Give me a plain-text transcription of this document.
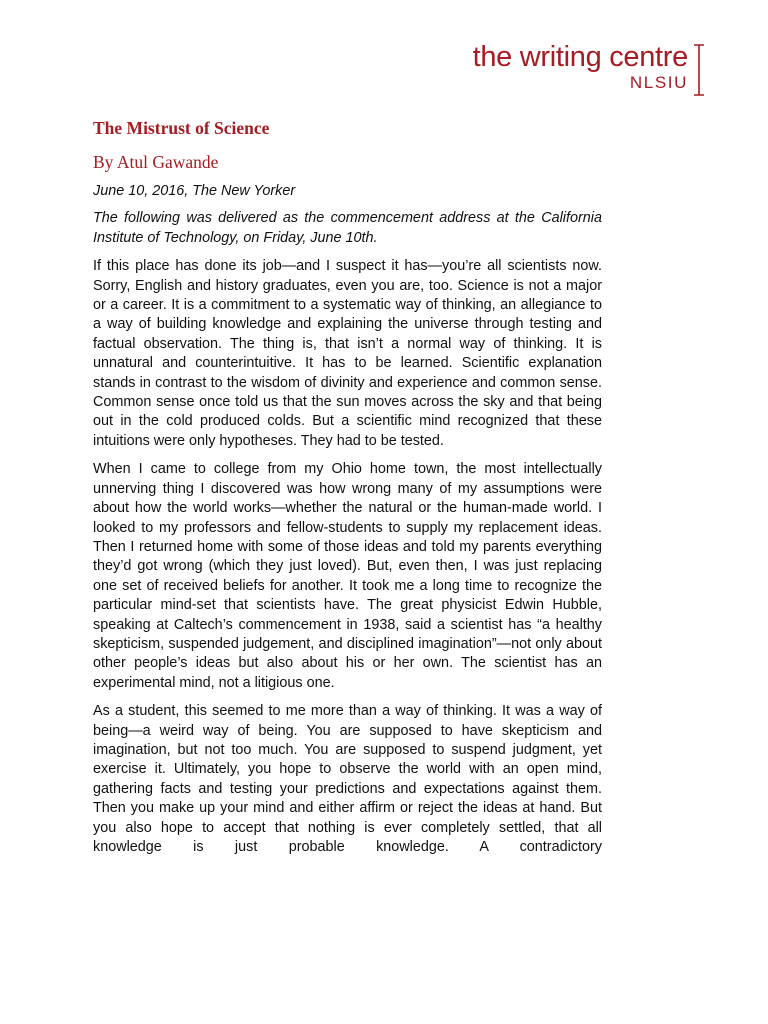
the writing centre
NLSIU
The Mistrust of Science

By Atul Gawande

June 10, 2016, The New Yorker

The following was delivered as the commencement address at the California Institute of Technology, on Friday, June 10th.

If this place has done its job—and I suspect it has—you’re all scientists now. Sorry, English and history graduates, even you are, too. Science is not a major or a career. It is a commitment to a systematic way of thinking, an allegiance to a way of building knowledge and explaining the universe through testing and factual observation. The thing is, that isn’t a normal way of thinking. It is unnatural and counterintuitive. It has to be learned. Scientific explanation stands in contrast to the wisdom of divinity and experience and common sense. Common sense once told us that the sun moves across the sky and that being out in the cold produced colds. But a scientific mind recognized that these intuitions were only hypotheses. They had to be tested.

When I came to college from my Ohio home town, the most intellectually unnerving thing I discovered was how wrong many of my assumptions were about how the world works—whether the natural or the human-made world. I looked to my professors and fellow-students to supply my replacement ideas. Then I returned home with some of those ideas and told my parents everything they’d got wrong (which they just loved). But, even then, I was just replacing one set of received beliefs for another. It took me a long time to recognize the particular mind-set that scientists have. The great physicist Edwin Hubble, speaking at Caltech’s commencement in 1938, said a scientist has “a healthy skepticism, suspended judgement, and disciplined imagination”—not only about other people’s ideas but also about his or her own. The scientist has an experimental mind, not a litigious one.

As a student, this seemed to me more than a way of thinking. It was a way of being—a weird way of being. You are supposed to have skepticism and imagination, but not too much. You are supposed to suspend judgment, yet exercise it. Ultimately, you hope to observe the world with an open mind, gathering facts and testing your predictions and expectations against them. Then you make up your mind and either affirm or reject the ideas at hand. But you also hope to accept that nothing is ever completely settled, that all knowledge is just probable knowledge. A contradictory
